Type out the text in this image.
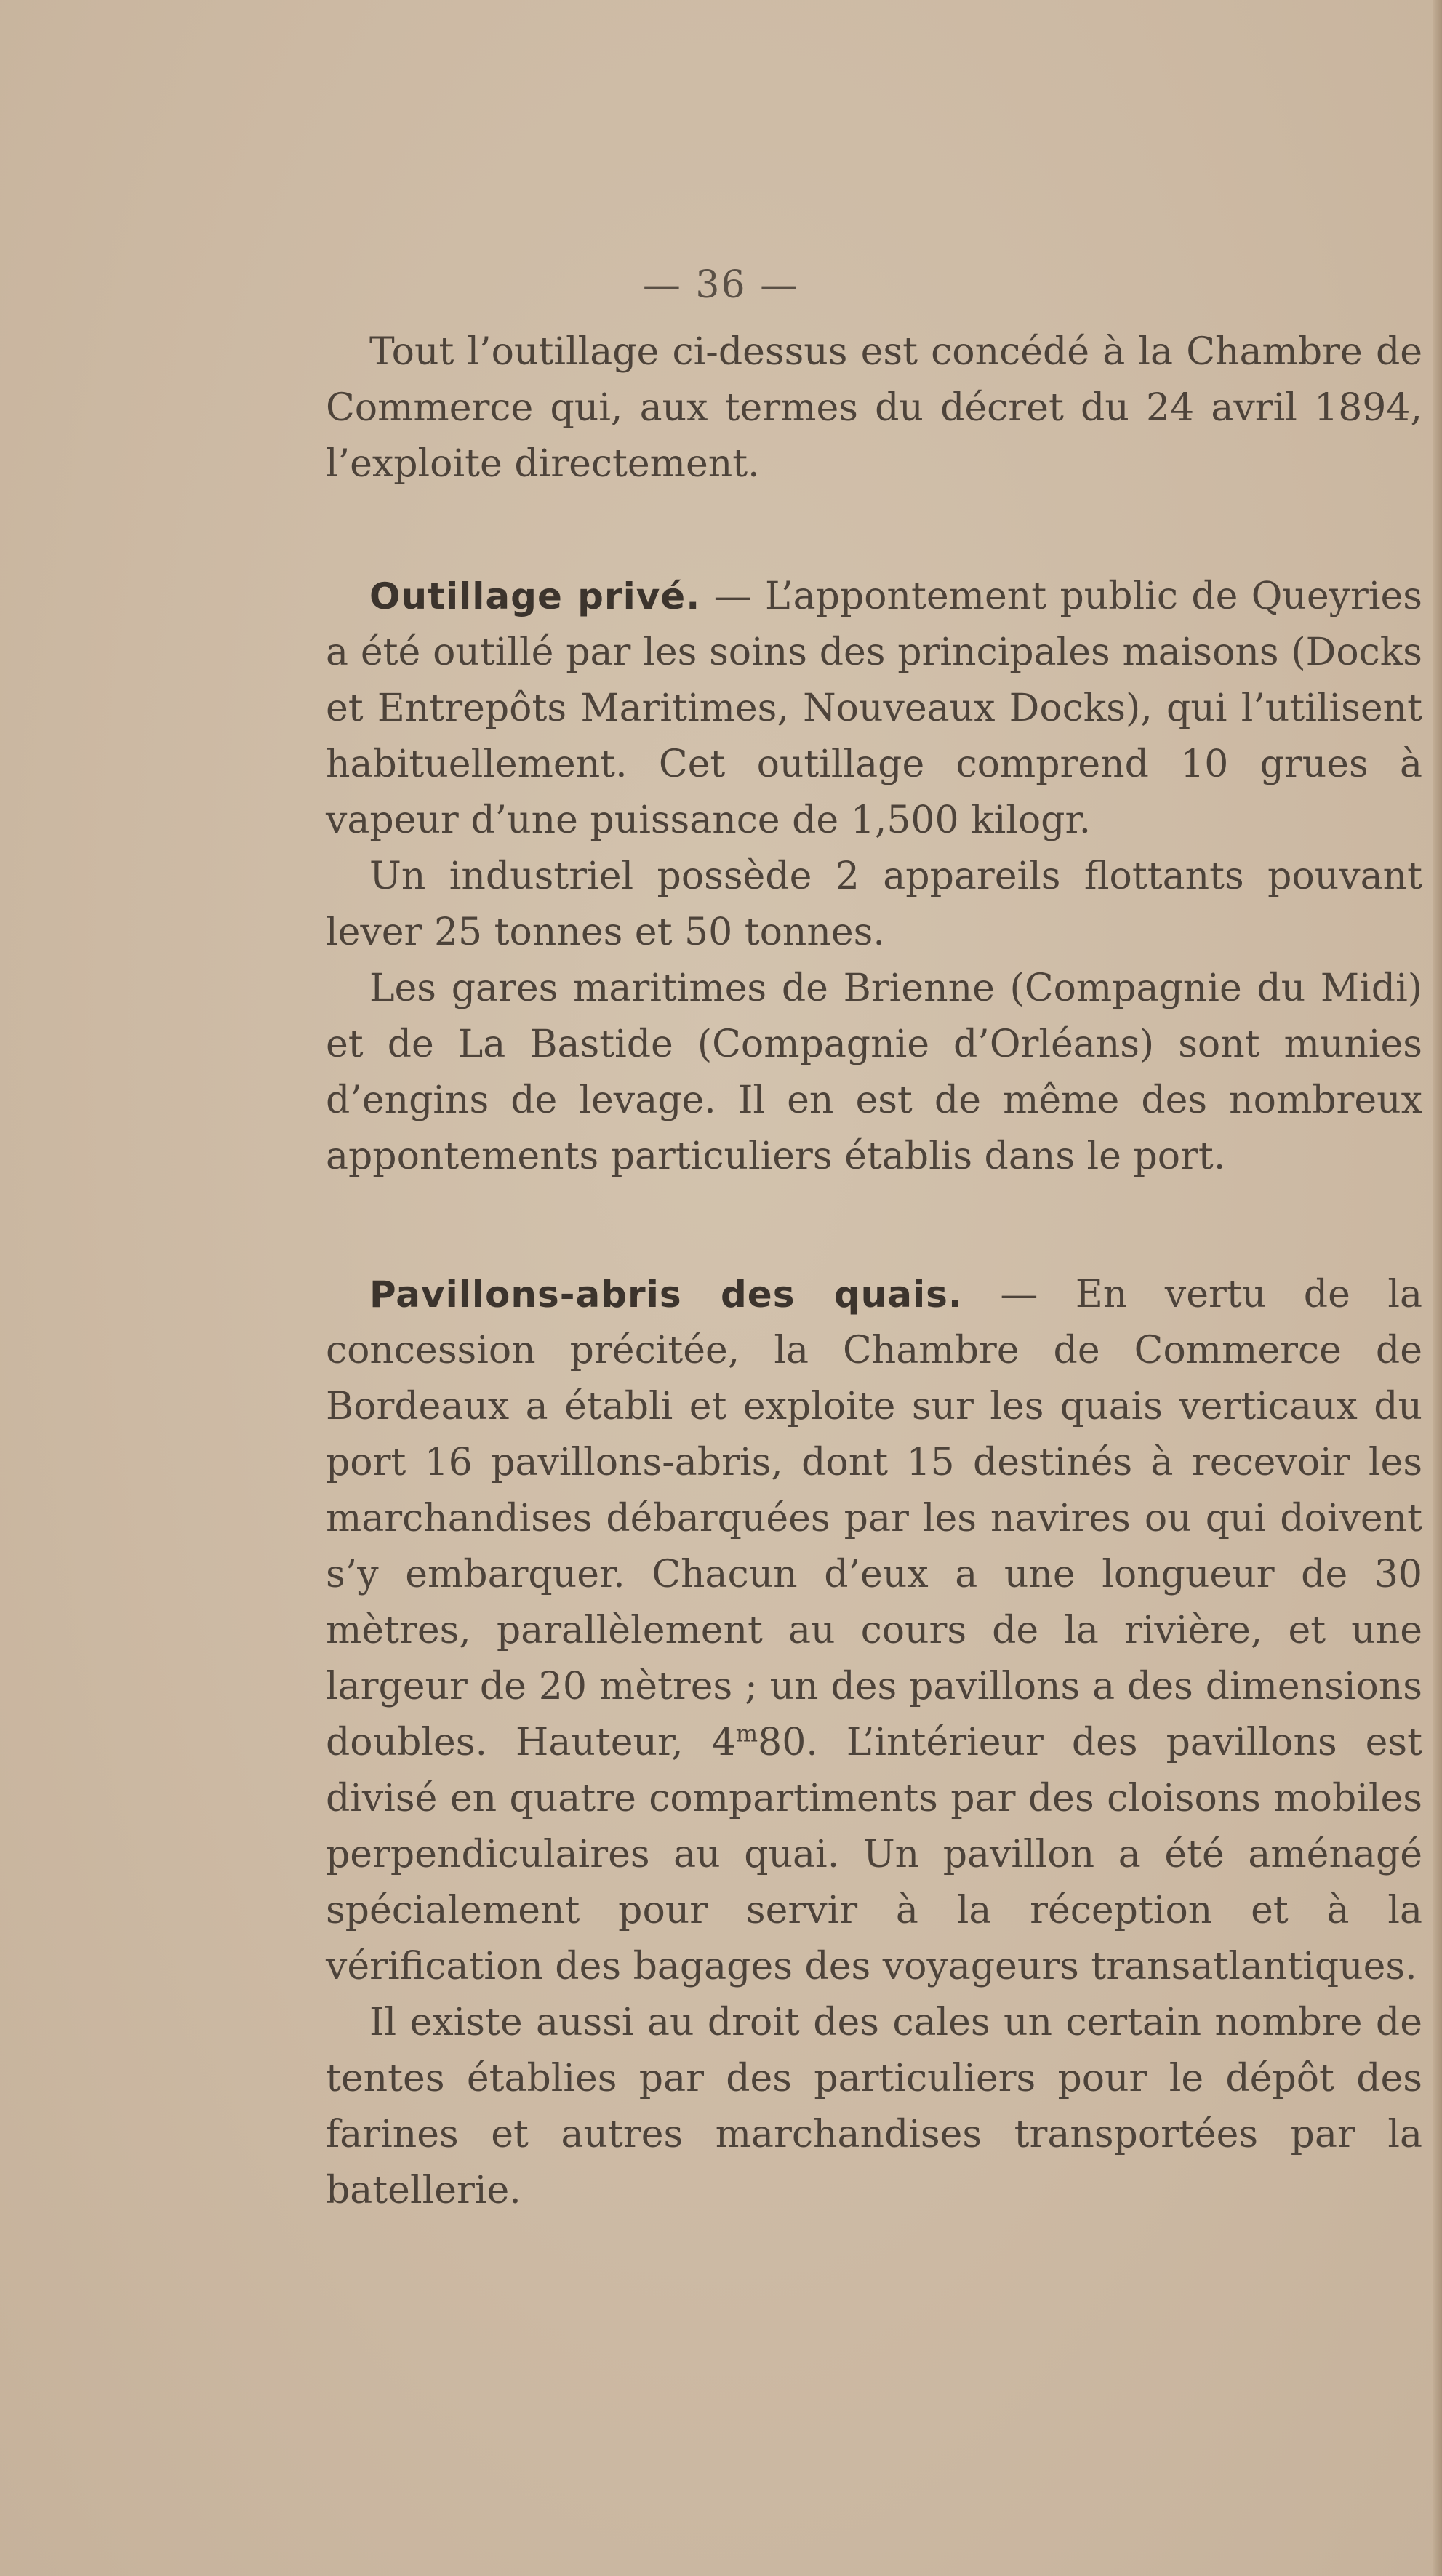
— 36 —

Tout l’outillage ci-dessus est concédé à la Chambre de Commerce qui, aux termes du décret du 24 avril 1894, l’exploite directement.

Outillage privé. — L’appontement public de Queyries a été outillé par les soins des principales maisons (Docks et Entrepôts Maritimes, Nouveaux Docks), qui l’utilisent habituellement. Cet outillage comprend 10 grues à vapeur d’une puissance de 1,500 kilogr.

Un industriel possède 2 appareils flottants pouvant lever 25 tonnes et 50 tonnes.

Les gares maritimes de Brienne (Compagnie du Midi) et de La Bastide (Compagnie d’Orléans) sont munies d’engins de levage. Il en est de même des nombreux appontements particuliers établis dans le port.

Pavillons-abris des quais. — En vertu de la concession précitée, la Chambre de Commerce de Bordeaux a établi et exploite sur les quais verticaux du port 16 pavillons-abris, dont 15 destinés à recevoir les marchandises débarquées par les navires ou qui doivent s’y embarquer. Chacun d’eux a une longueur de 30 mètres, parallèlement au cours de la rivière, et une largeur de 20 mètres ; un des pavillons a des dimensions doubles. Hauteur, 4$^m$80. L’intérieur des pavillons est divisé en quatre compartiments par des cloisons mobiles perpendiculaires au quai. Un pavillon a été aménagé spécialement pour servir à la réception et à la vérification des bagages des voyageurs transatlantiques.

Il existe aussi au droit des cales un certain nombre de tentes établies par des particuliers pour le dépôt des farines et autres marchandises transportées par la batellerie.
